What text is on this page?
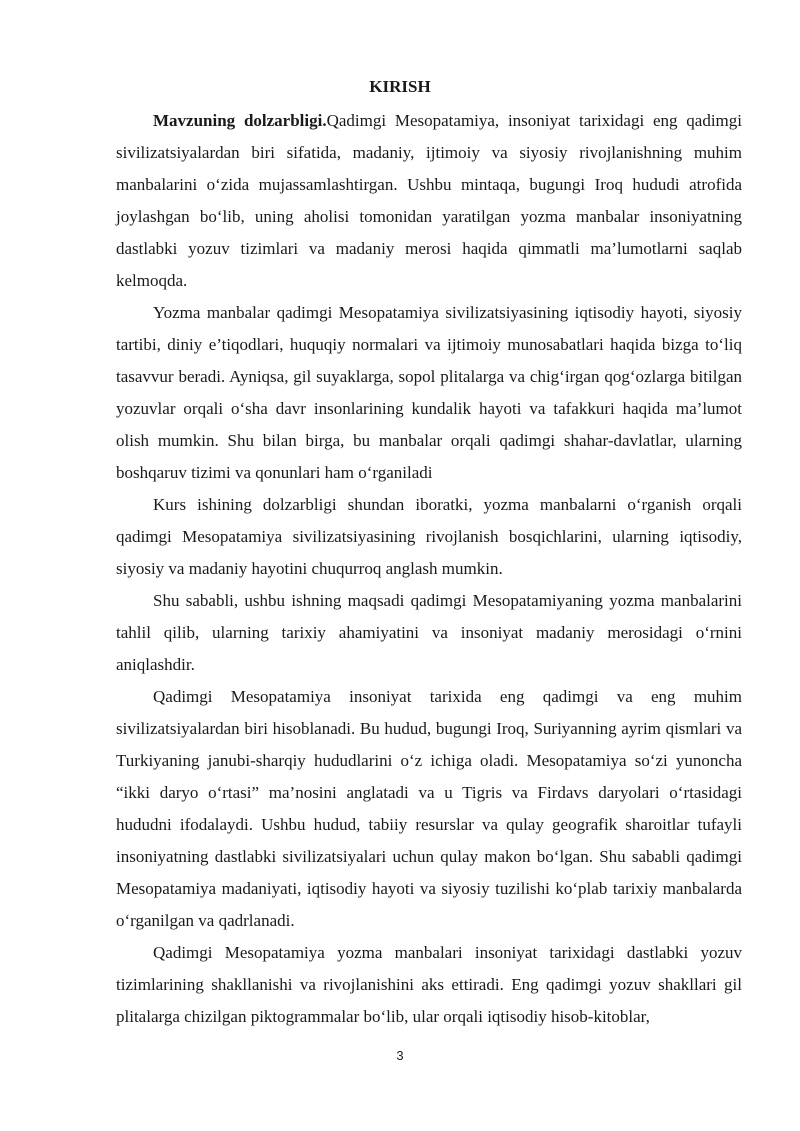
KIRISH

Mavzuning dolzarbligi.Qadimgi Mesopatamiya, insoniyat tarixidagi eng qadimgi sivilizatsiyalardan biri sifatida, madaniy, ijtimoiy va siyosiy rivojlanishning muhim manbalarini o‘zida mujassamlashtirgan. Ushbu mintaqa, bugungi Iroq hududi atrofida joylashgan bo‘lib, uning aholisi tomonidan yaratilgan yozma manbalar insoniyatning dastlabki yozuv tizimlari va madaniy merosi haqida qimmatli ma’lumotlarni saqlab kelmoqda.

Yozma manbalar qadimgi Mesopatamiya sivilizatsiyasining iqtisodiy hayoti, siyosiy tartibi, diniy e’tiqodlari, huquqiy normalari va ijtimoiy munosabatlari haqida bizga to‘liq tasavvur beradi. Ayniqsa, gil suyaklarga, sopol plitalarga va chig‘irgan qog‘ozlarga bitilgan yozuvlar orqali o‘sha davr insonlarining kundalik hayoti va tafakkuri haqida ma’lumot olish mumkin. Shu bilan birga, bu manbalar orqali qadimgi shahar-davlatlar, ularning boshqaruv tizimi va qonunlari ham o‘rganiladi

Kurs ishining dolzarbligi shundan iboratki, yozma manbalarni o‘rganish orqali qadimgi Mesopatamiya sivilizatsiyasining rivojlanish bosqichlarini, ularning iqtisodiy, siyosiy va madaniy hayotini chuqurroq anglash mumkin.

Shu sababli, ushbu ishning maqsadi qadimgi Mesopatamiyaning yozma manbalarini tahlil qilib, ularning tarixiy ahamiyatini va insoniyat madaniy merosidagi o‘rnini aniqlashdir.

Qadimgi Mesopatamiya insoniyat tarixida eng qadimgi va eng muhim sivilizatsiyalardan biri hisoblanadi. Bu hudud, bugungi Iroq, Suriyanning ayrim qismlari va Turkiyaning janubi-sharqiy hududlarini o‘z ichiga oladi. Mesopatamiya so‘zi yunoncha “ikki daryo o‘rtasi” ma’nosini anglatadi va u Tigris va Firdavs daryolari o‘rtasidagi hududni ifodalaydi. Ushbu hudud, tabiiy resurslar va qulay geografik sharoitlar tufayli insoniyatning dastlabki sivilizatsiyalari uchun qulay makon bo‘lgan. Shu sababli qadimgi Mesopatamiya madaniyati, iqtisodiy hayoti va siyosiy tuzilishi ko‘plab tarixiy manbalarda o‘rganilgan va qadrlanadi.

Qadimgi Mesopatamiya yozma manbalari insoniyat tarixidagi dastlabki yozuv tizimlarining shakllanishi va rivojlanishini aks ettiradi. Eng qadimgi yozuv shakllari gil plitalarga chizilgan piktogrammalar bo‘lib, ular orqali iqtisodiy hisob-kitoblar,

3
